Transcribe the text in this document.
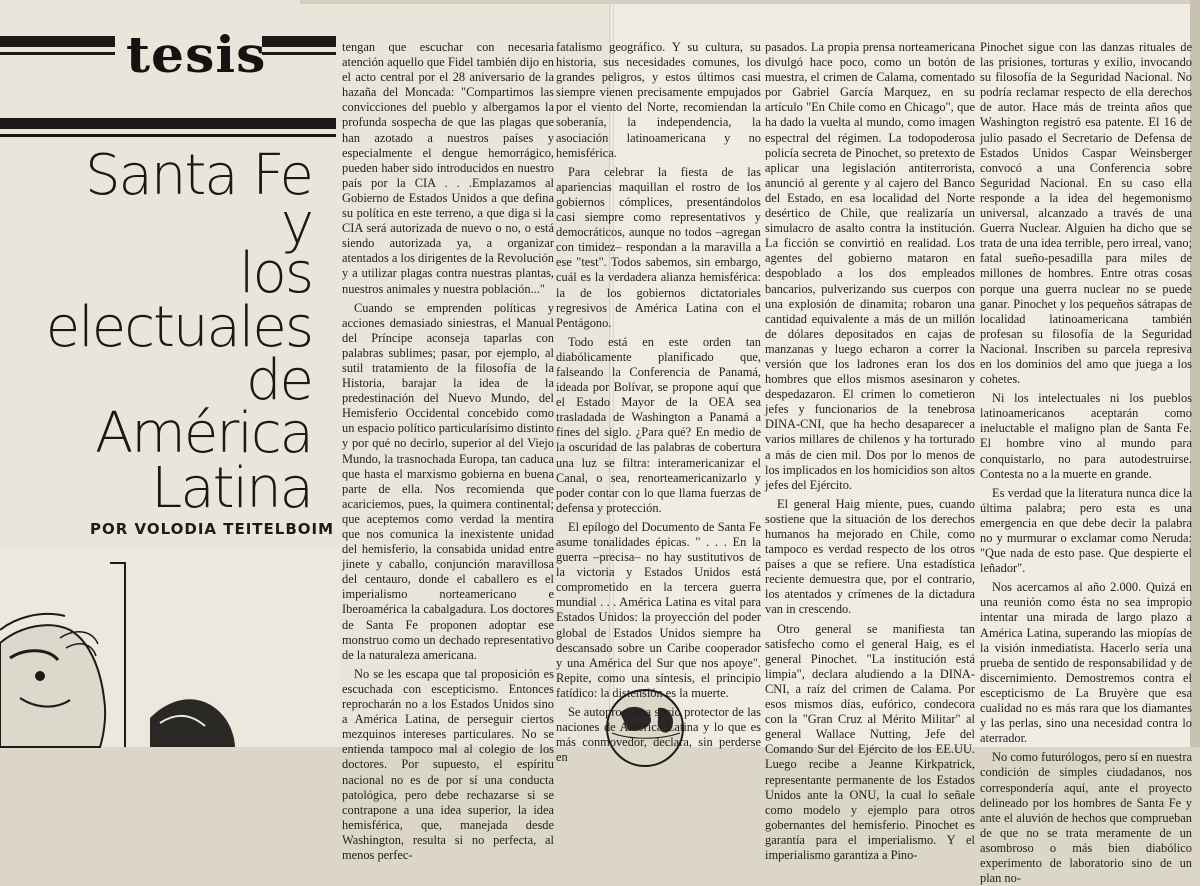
tesis
Santa Fe
y
los
electuales
de
América
Latina
POR VOLODIA TEITELBOIM

tengan que escuchar con necesaria atención aquello que Fidel también dijo en el acto central por el 28 aniversario de la hazaña del Moncada: "Compartimos las convicciones del pueblo y albergamos la profunda sospecha de que las plagas que han azotado a nuestros países y especialmente el dengue hemorrágico, pueden haber sido introducidos en nuestro país por la CIA . . .Emplazamos al Gobierno de Estados Unidos a que defina su política en este terreno, a que diga si la CIA será autorizada de nuevo o no, o está siendo autorizada ya, a organizar atentados a los dirigentes de la Revolución y a utilizar plagas contra nuestras plantas, nuestros animales y nuestra población..."

Cuando se emprenden políticas y acciones demasiado siniestras, el Manual del Príncipe aconseja taparlas con palabras sublimes; pasar, por ejemplo, al sutil tratamiento de la filosofía de la Historia, barajar la idea de la predestinación del Nuevo Mundo, del Hemisferio Occidental concebido como un espacio político particularísimo distinto y por qué no decirlo, superior al del Viejo Mundo, la trasnochada Europa, tan caduca que hasta el marxismo gobierna en buena parte de ella. Nos recomienda que acariciemos, pues, la quimera continental; que aceptemos como verdad la mentira que nos comunica la inexistente unidad del hemisferio, la consabida unidad entre jinete y caballo, conjunción maravillosa del centauro, donde el caballero es el imperialismo norteamericano e Iberoamérica la cabalgadura. Los doctores de Santa Fe proponen adoptar ese monstruo como un dechado representativo de la naturaleza americana.

No se les escapa que tal proposición es escuchada con escepticismo. Entonces reprocharán no a los Estados Unidos sino a América Latina, de perseguir ciertos mezquinos intereses particulares. No se entienda tampoco mal al colegio de los doctores. Por supuesto, el espíritu nacional no es de por sí una conducta patológica, pero debe rechazarse si se contrapone a una idea superior, la idea hemisférica, que, manejada desde Washington, resulta si no perfecta, al menos perfec-

fatalismo geográfico. Y su cultura, su historia, sus necesidades comunes, los grandes peligros, y estos últimos casi siempre vienen precisamente empujados por el viento del Norte, recomiendan la soberanía, la independencia, la asociación latinoamericana y no hemisférica.

Para celebrar la fiesta de las apariencias maquillan el rostro de los gobiernos cómplices, presentándolos casi siempre como representativos y democráticos, aunque no todos –agregan con timidez– respondan a la maravilla a ese "test". Todos sabemos, sin embargo, cuál es la verdadera alianza hemisférica: la de los gobiernos dictatoriales regresivos de América Latina con el Pentágono.

Todo está en este orden tan diabólicamente planificado que, falseando la Conferencia de Panamá, ideada por Bolívar, se propone aquí que el Estado Mayor de la OEA sea trasladada de Washington a Panamá a fines del siglo. ¿Para qué? En medio de la oscuridad de las palabras de cobertura una luz se filtra: interamericanizar el Canal, o sea, renorteamericanizarlo y poder contar con lo que llama fuerzas de defensa y protección.

El epílogo del Documento de Santa Fe asume tonalidades épicas. " . . . En la guerra –precisa– no hay sustitutivos de la victoria y Estados Unidos está comprometido en la tercera guerra mundial . . . América Latina es vital para Estados Unidos: la proyección del poder global de Estados Unidos siempre ha descansado sobre un Caribe cooperador y una América del Sur que nos apoye". Repite, como una síntesis, el principio fatídico: la distensión es la muerte.

Se autoproclama socio protector de las naciones de América Latina y lo que es más conmovedor, declara, sin perderse en

pasados. La propia prensa norteamericana divulgó hace poco, como un botón de muestra, el crimen de Calama, comentado por Gabriel García Marquez, en su artículo "En Chile como en Chicago", que ha dado la vuelta al mundo, como imagen espectral del régimen. La todopoderosa policía secreta de Pinochet, so pretexto de aplicar una legislación antiterrorista, anunció al gerente y al cajero del Banco del Estado, en esa localidad del Norte desértico de Chile, que realizaría un simulacro de asalto contra la institución. La ficción se convirtió en realidad. Los agentes del gobierno mataron en despoblado a los dos empleados bancarios, pulverizando sus cuerpos con una explosión de dinamita; robaron una cantidad equivalente a más de un millón de dólares depositados en cajas de manzanas y luego echaron a correr la versión que los ladrones eran los dos hombres que ellos mismos asesinaron y despedazaron. El crimen lo cometieron jefes y funcionarios de la tenebrosa DINA-CNI, que ha hecho desaparecer a varios millares de chilenos y ha torturado a más de cien mil. Dos por lo menos de los implicados en los homicidios son altos jefes del Ejército.

El general Haig miente, pues, cuando sostiene que la situación de los derechos humanos ha mejorado en Chile, como tampoco es verdad respecto de los otros países a que se refiere. Una estadística reciente demuestra que, por el contrario, los atentados y crímenes de la dictadura van in crescendo.

Otro general se manifiesta tan satisfecho como el general Haig, es el general Pinochet. "La institución está limpia", declara aludiendo a la DINA-CNI, a raíz del crimen de Calama. Por esos mismos días, eufórico, condecora con la "Gran Cruz al Mérito Militar" al general Wallace Nutting, Jefe del Comando Sur del Ejército de los EE.UU. Luego recibe a Jeanne Kirkpatrick, representante permanente de los Estados Unidos ante la ONU, la cual lo señale como modelo y ejemplo para otros gobernantes del hemisferio. Pinochet es garantía para el imperialismo. Y el imperialismo garantiza a Pino-

Pinochet sigue con las danzas rituales de las prisiones, torturas y exilio, invocando su filosofía de la Seguridad Nacional. No podría reclamar respecto de ella derechos de autor. Hace más de treinta años que Washington registró esa patente. El 16 de julio pasado el Secretario de Defensa de Estados Unidos Caspar Weinsberger convocó a una Conferencia sobre Seguridad Nacional. En su caso ella responde a la idea del hegemonismo universal, alcanzado a través de una Guerra Nuclear. Alguien ha dicho que se trata de una idea terrible, pero irreal, vano; fatal sueño-pesadilla para miles de millones de hombres. Entre otras cosas porque una guerra nuclear no se puede ganar. Pinochet y los pequeños sátrapas de localidad latinoamericana también profesan su filosofía de la Seguridad Nacional. Inscriben su parcela represiva en los dominios del amo que juega a los cohetes.

Ni los intelectuales ni los pueblos latinoamericanos aceptarán como ineluctable el maligno plan de Santa Fe. El hombre vino al mundo para conquistarlo, no para autodestruirse. Contesta no a la muerte en grande.

Es verdad que la literatura nunca dice la última palabra; pero esta es una emergencia en que debe decir la palabra no y murmurar o exclamar como Neruda: "Que nada de esto pase. Que despierte el leñador".

Nos acercamos al año 2.000. Quizá en una reunión como ésta no sea impropio intentar una mirada de largo plazo a América Latina, superando las miopías de la visión inmediatista. Hacerlo sería una prueba de sentido de responsabilidad y de discernimiento. Demostremos contra el escepticismo de La Bruyère que esa cualidad no es más rara que los diamantes y las perlas, sino una necesidad contra lo aterrador.

No como futurólogos, pero sí en nuestra condición de simples ciudadanos, nos correspondería aquí, ante el proyecto delineado por los hombres de Santa Fe y ante el aluvión de hechos que comprueban de que no se trata meramente de un asombroso o más bien diabólico experimento de laboratorio sino de un plan no-
